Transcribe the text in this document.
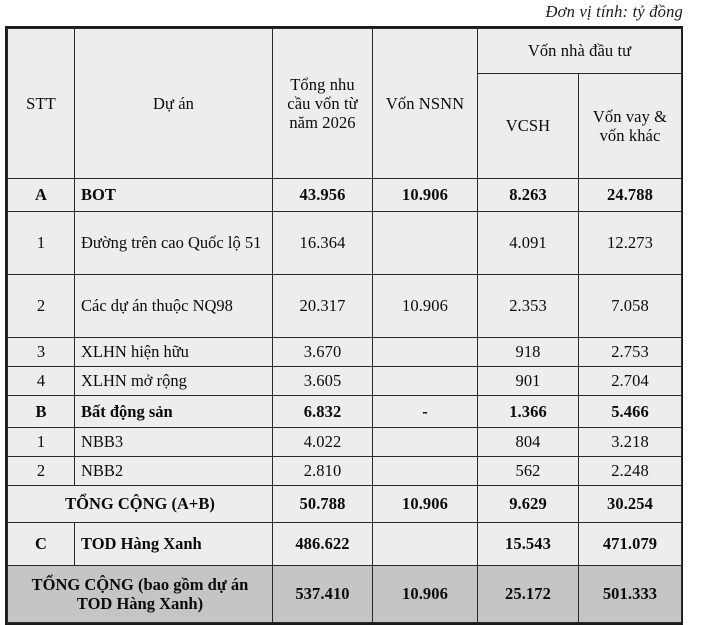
Đơn vị tính: tỷ đồng
STT	Dự án	Tổng nhu cầu vốn từ năm 2026	Vốn NSNN	Vốn nhà đầu tư	
				VCSH	Vốn vay & vốn khác
A	BOT	43.956	10.906	8.263	24.788
1	Đường trên cao Quốc lộ 51	16.364		4.091	12.273
2	Các dự án thuộc NQ98	20.317	10.906	2.353	7.058
3	XLHN hiện hữu	3.670		918	2.753
4	XLHN mở rộng	3.605		901	2.704
B	Bất động sản	6.832	-	1.366	5.466
1	NBB3	4.022		804	3.218
2	NBB2	2.810		562	2.248
TỔNG CỘNG (A+B)		50.788	10.906	9.629	30.254
C	TOD Hàng Xanh	486.622		15.543	471.079
TỔNG CỘNG (bao gồm dự án TOD Hàng Xanh)		537.410	10.906	25.172	501.333
